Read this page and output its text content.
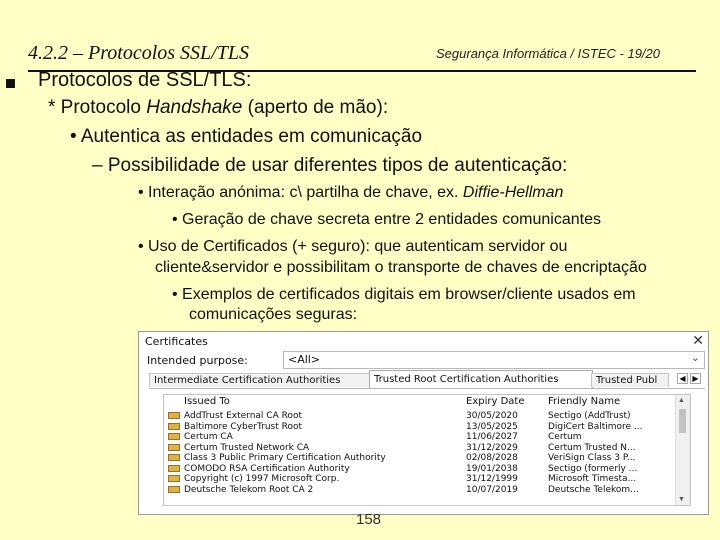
4.2.2 – Protocolos SSL/TLS	Segurança Informática / ISTEC - 19/20
Protocolos de SSL/TLS:
* Protocolo Handshake (aperto de mão):
• Autentica as entidades em comunicação
– Possibilidade de usar diferentes tipos de autenticação:
• Interação anónima: c\ partilha de chave, ex. Diffie-Hellman
• Geração de chave secreta entre 2 entidades comunicantes
• Uso de Certificados (+ seguro): que autenticam servidor ou
cliente&servidor e possibilitam o transporte de chaves de encriptação
• Exemplos de certificados digitais em browser/cliente usados em
comunicações seguras:
Certificates	✕
Intended purpose:	<All>	⌄
Intermediate Certification Authorities	Trusted Root Certification Authorities	Trusted Publ	◀ ▶
Issued To	Expiry Date Friendly Name
AddTrust External CA Root	30/05/2020	Sectigo (AddTrust)
Baltimore CyberTrust Root	13/05/2025	DigiCert Baltimore ...
Certum CA	11/06/2027	Certum
Certum Trusted Network CA	31/12/2029	Certum Trusted N...
Class 3 Public Primary Certification Authority	02/08/2028	VeriSign Class 3 P...
COMODO RSA Certification Authority	19/01/2038	Sectigo (formerly ...
Copyright (c) 1997 Microsoft Corp.	31/12/1999	Microsoft Timesta...
Deutsche Telekom Root CA 2	10/07/2019	Deutsche Telekom...
▲
▼
158
